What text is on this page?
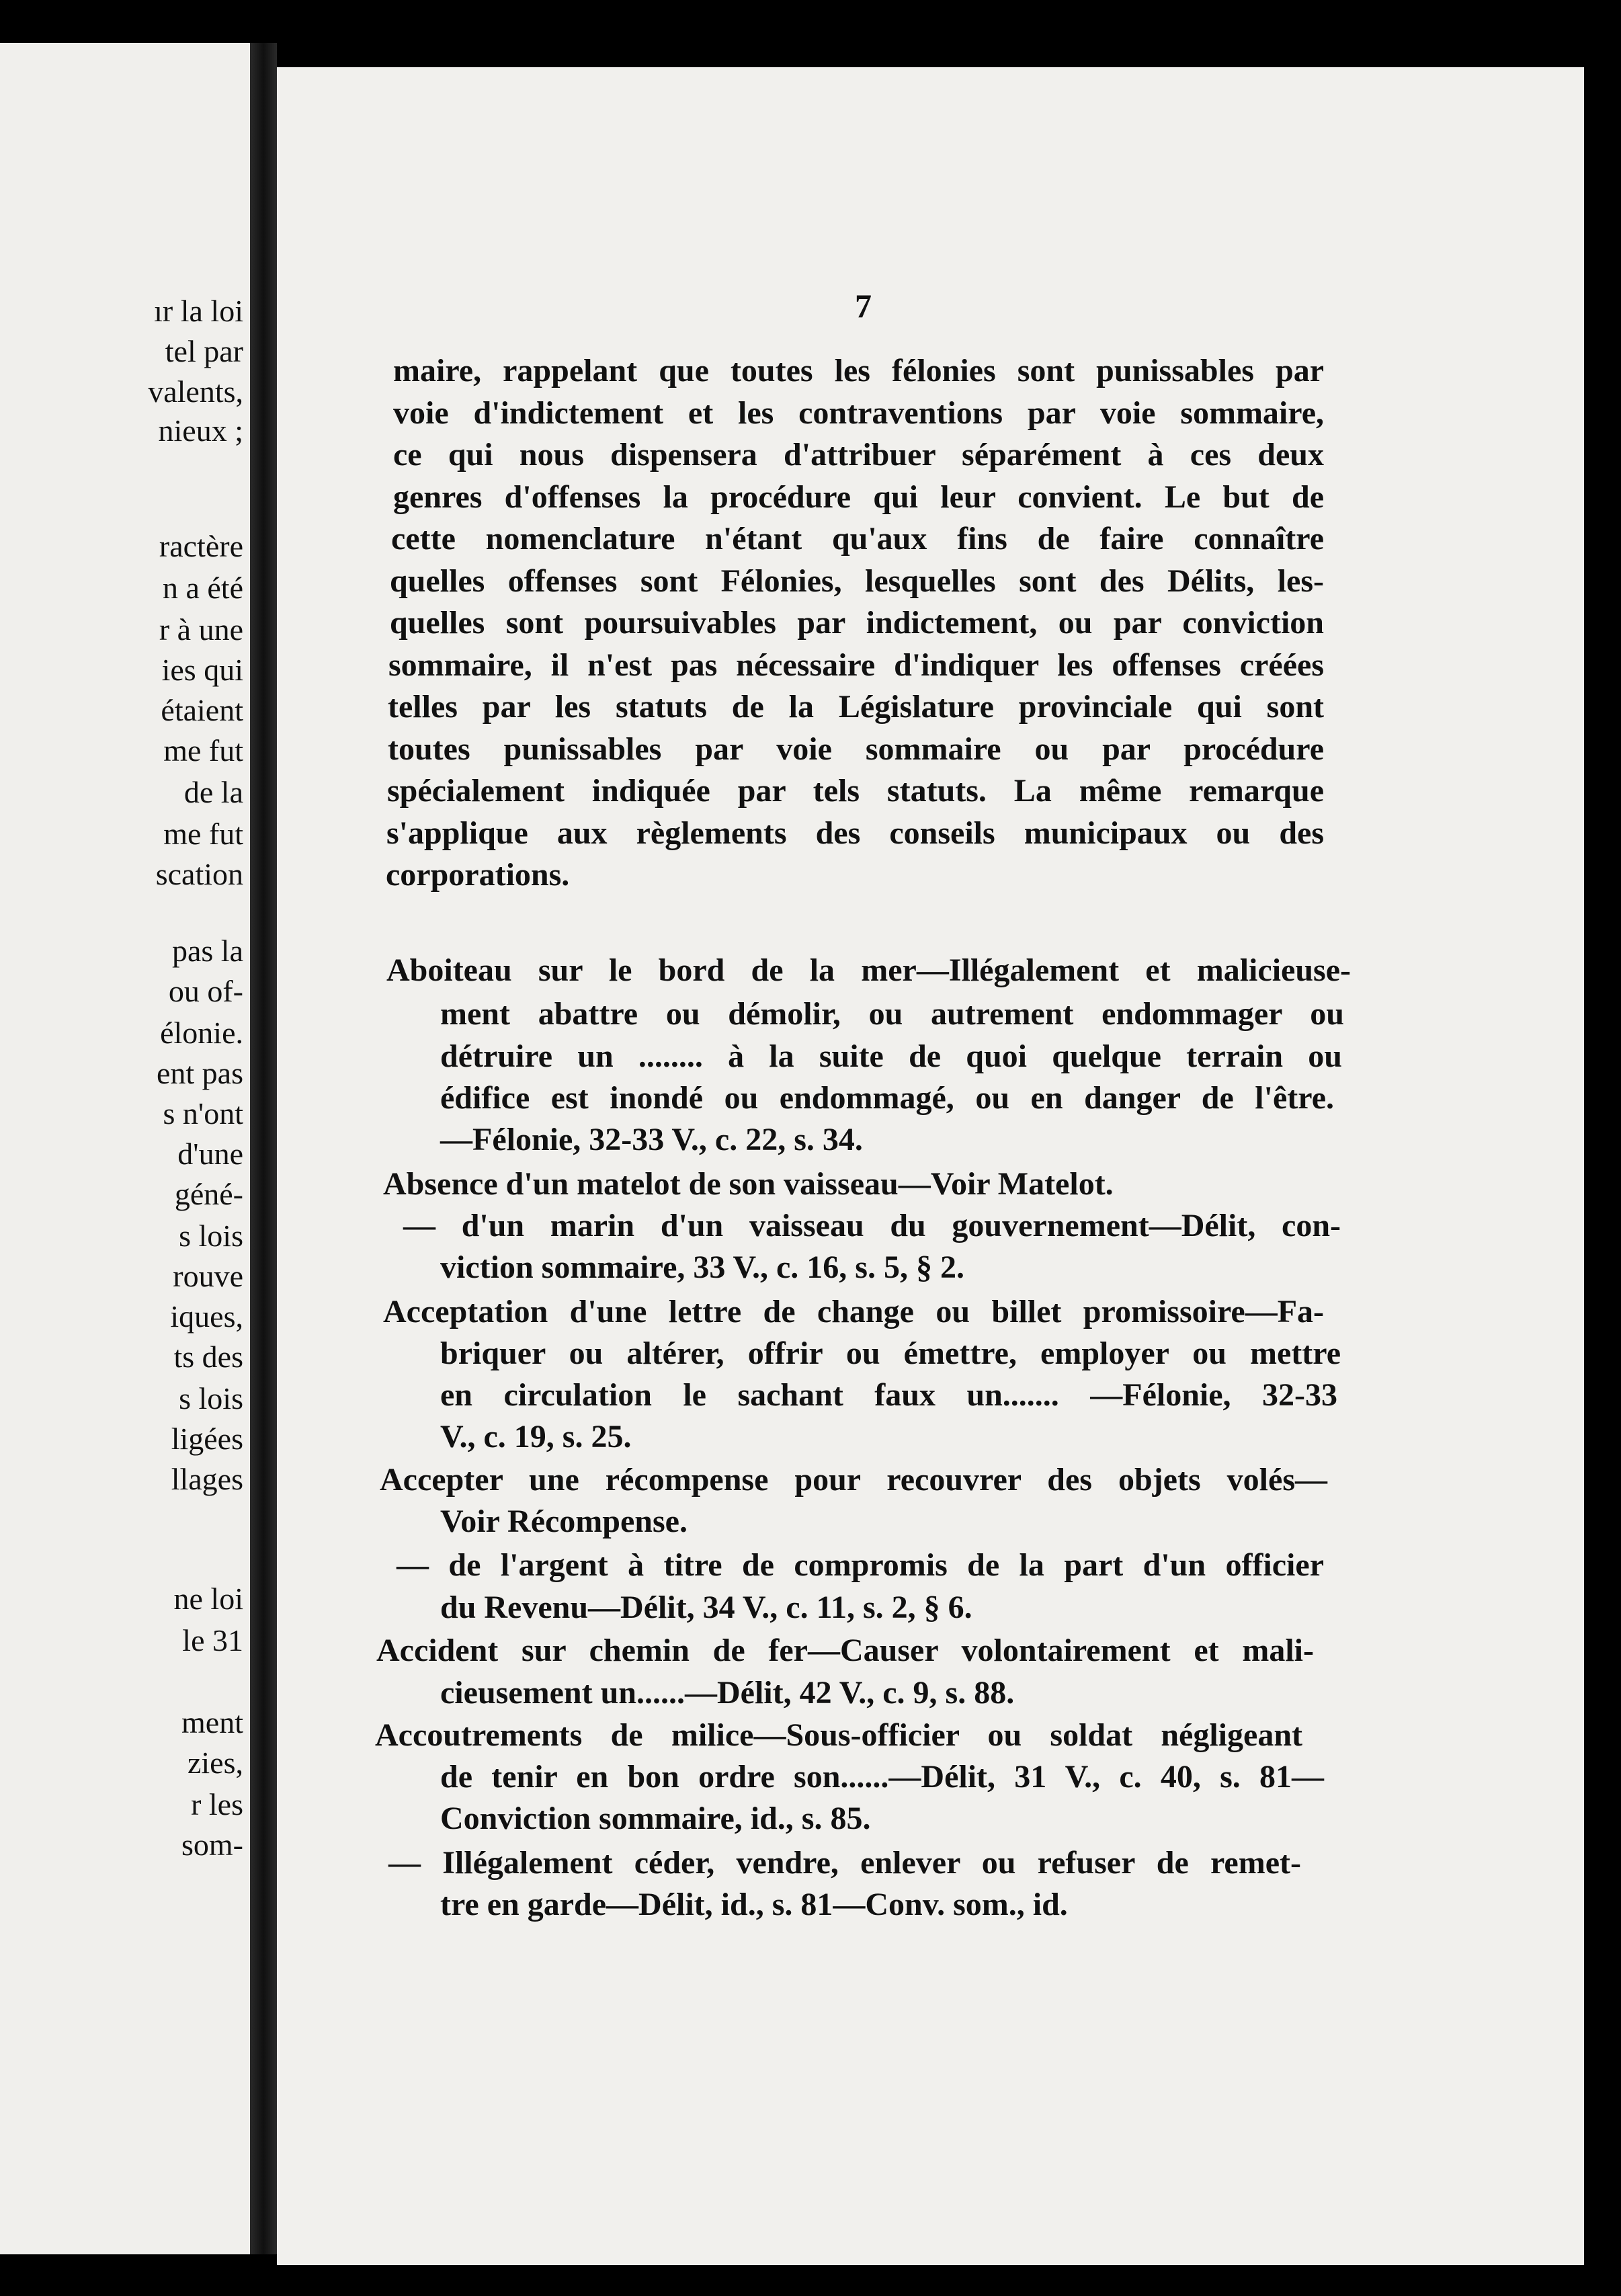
ır la loi

tel par

valents,

nieux ;

ractère

n a été

r à une

ies qui

étaient

me fut

de la

me fut

scation

pas la

ou of-

élonie.

ent pas

s n'ont

d'une

géné-

s lois

rouve

iques,

ts des

s lois

ligées

llages

ne loi

le 31

ment

zies,

r les

som-

7

maire, rappelant que toutes les félonies sont punissables par

voie d'indictement et les contraventions par voie sommaire,

ce qui nous dispensera d'attribuer séparément à ces deux

genres d'offenses la procédure qui leur convient. Le but de

cette nomenclature n'étant qu'aux fins de faire connaître

quelles offenses sont Félonies, lesquelles sont des Délits, les-

quelles sont poursuivables par indictement, ou par conviction

sommaire, il n'est pas nécessaire d'indiquer les offenses créées

telles par les statuts de la Législature provinciale qui sont

toutes punissables par voie sommaire ou par procédure

spécialement indiquée par tels statuts. La même remarque

s'applique aux règlements des conseils municipaux ou des

corporations.

Aboiteau sur le bord de la mer—Illégalement et malicieuse-

ment abattre ou démolir, ou autrement endommager ou

détruire un ........ à la suite de quoi quelque terrain ou

édifice est inondé ou endommagé, ou en danger de l'être.

—Félonie, 32-33 V., c. 22, s. 34.

Absence d'un matelot de son vaisseau—Voir Matelot.

— d'un marin d'un vaisseau du gouvernement—Délit, con-

viction sommaire, 33 V., c. 16, s. 5, § 2.

Acceptation d'une lettre de change ou billet promissoire—Fa-

briquer ou altérer, offrir ou émettre, employer ou mettre

en circulation le sachant faux un....... —Félonie, 32-33

V., c. 19, s. 25.

Accepter une récompense pour recouvrer des objets volés—

Voir Récompense.

— de l'argent à titre de compromis de la part d'un officier

du Revenu—Délit, 34 V., c. 11, s. 2, § 6.

Accident sur chemin de fer—Causer volontairement et mali-

cieusement un......—Délit, 42 V., c. 9, s. 88.

Accoutrements de milice—Sous-officier ou soldat négligeant

de tenir en bon ordre son......—Délit, 31 V., c. 40, s. 81—

Conviction sommaire, id., s. 85.

— Illégalement céder, vendre, enlever ou refuser de remet-

tre en garde—Délit, id., s. 81—Conv. som., id.
